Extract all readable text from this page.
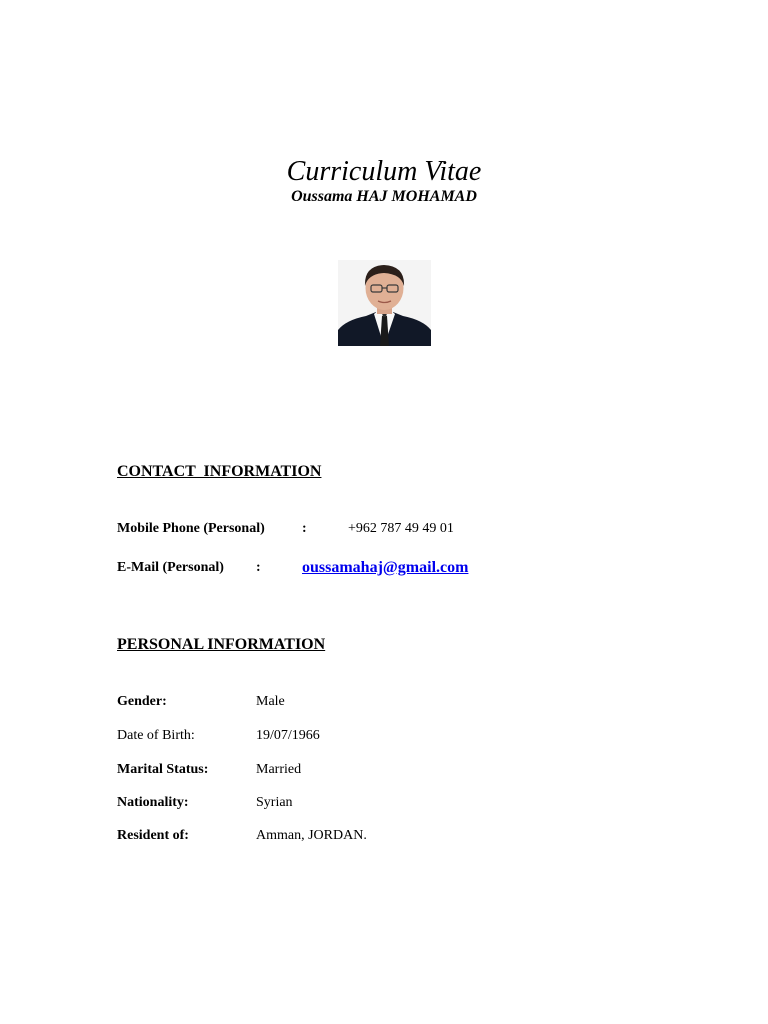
Curriculum Vitae
Oussama HAJ MOHAMAD
CONTACT  INFORMATION
Mobile Phone (Personal)	:	+962 787 49 49 01
E-Mail (Personal) :	oussamahaj@gmail.com
PERSONAL INFORMATION
Gender:	Male
Date of Birth:	19/07/1966
Marital Status:	Married
Nationality:	Syrian
Resident of:	Amman, JORDAN.
